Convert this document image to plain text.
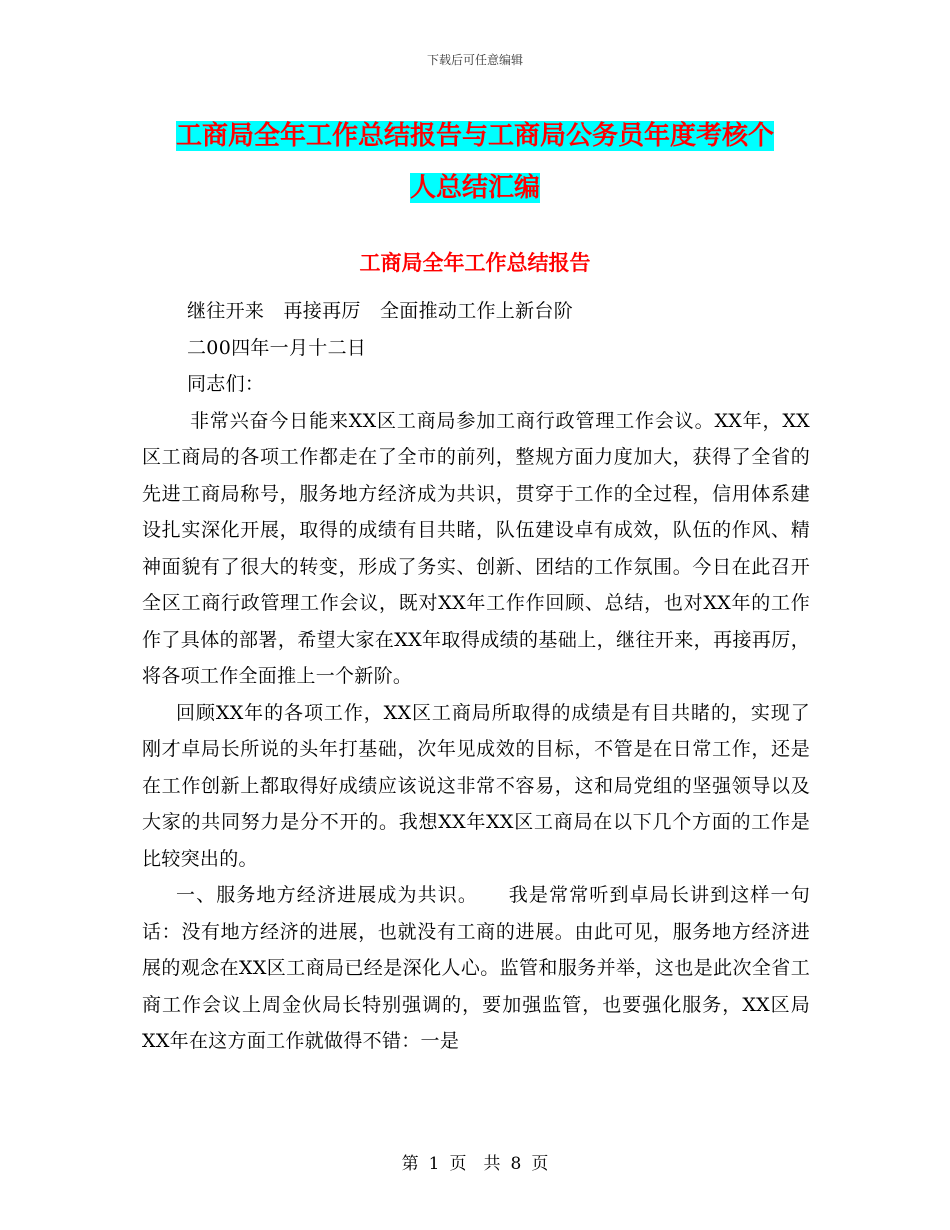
下载后可任意编辑
工商局全年工作总结报告与工商局公务员年度考核个
人总结汇编
工商局全年工作总结报告

继往开来　再接再厉　全面推动工作上新台阶

二00四年一月十二日

同志们：

非常兴奋今日能来XX区工商局参加工商行政管理工作会议。XX年，XX区工商局的各项工作都走在了全市的前列，整规方面力度加大，获得了全省的先进工商局称号，服务地方经济成为共识，贯穿于工作的全过程，信用体系建设扎实深化开展，取得的成绩有目共睹，队伍建设卓有成效，队伍的作风、精神面貌有了很大的转变，形成了务实、创新、团结的工作氛围。今日在此召开全区工商行政管理工作会议，既对XX年工作作回顾、总结，也对XX年的工作作了具体的部署，希望大家在XX年取得成绩的基础上，继往开来，再接再厉，将各项工作全面推上一个新阶。

回顾XX年的各项工作，XX区工商局所取得的成绩是有目共睹的，实现了刚才卓局长所说的头年打基础，次年见成效的目标，不管是在日常工作，还是在工作创新上都取得好成绩应该说这非常不容易，这和局党组的坚强领导以及大家的共同努力是分不开的。我想XX年XX区工商局在以下几个方面的工作是比较突出的。

一、服务地方经济进展成为共识。　　我是常常听到卓局长讲到这样一句话：没有地方经济的进展，也就没有工商的进展。由此可见，服务地方经济进展的观念在XX区工商局已经是深化人心。监管和服务并举，这也是此次全省工商工作会议上周金伙局长特别强调的，要加强监管，也要强化服务，XX区局XX年在这方面工作就做得不错：一是

第 1 页　共 8 页
